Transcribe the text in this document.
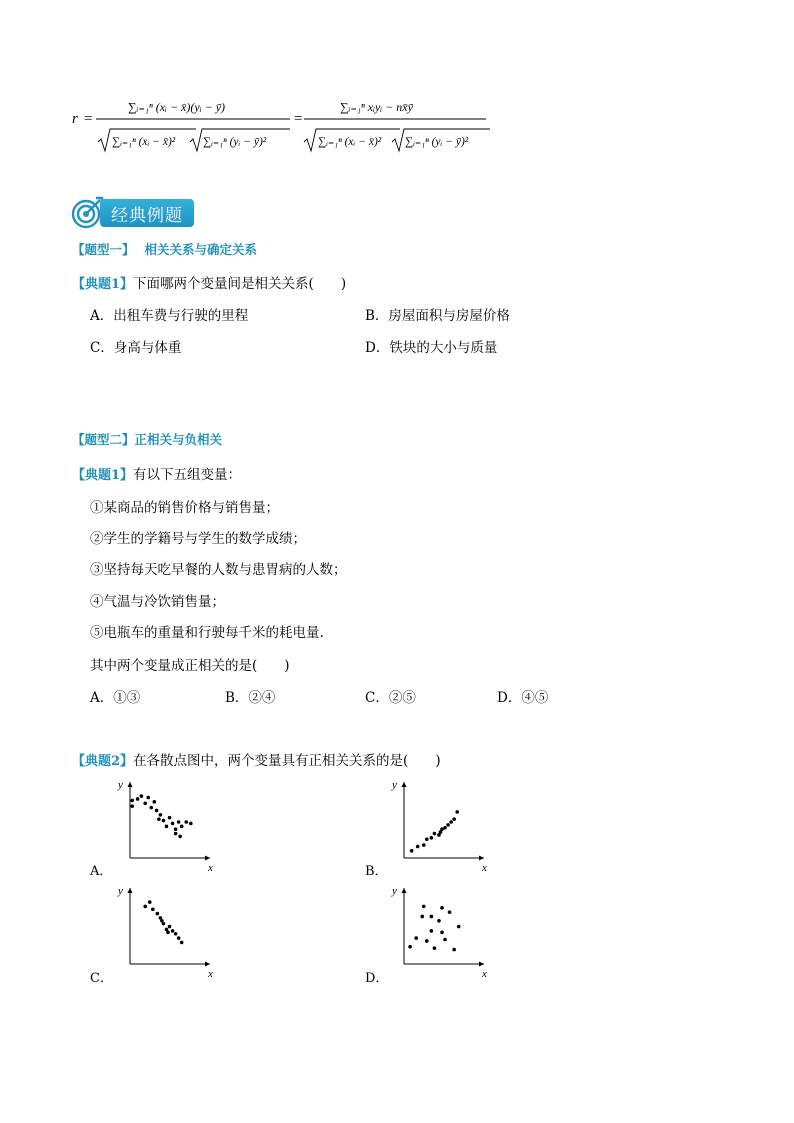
r =
∑ᵢ₌₁ⁿ (xᵢ − x̄)(yᵢ − ȳ)
∑ᵢ₌₁ⁿ (xᵢ − x̄)² ∑ᵢ₌₁ⁿ (yᵢ − ȳ)²
=
∑ᵢ₌₁ⁿ xᵢyᵢ − nx̄ȳ
∑ᵢ₌₁ⁿ (xᵢ − x̄)² ∑ᵢ₌₁ⁿ (yᵢ − ȳ)²
经典例题
【题型一】 相关关系与确定关系
【典题1】下面哪两个变量间是相关关系(　　)
A．出租车费与行驶的里程	B．房屋面积与房屋价格
C．身高与体重	D．铁块的大小与质量
【题型二】正相关与负相关
【典题1】有以下五组变量：
①某商品的销售价格与销售量；
②学生的学籍号与学生的数学成绩；
③坚持每天吃早餐的人数与患胃病的人数；
④气温与冷饮销售量；
⑤电瓶车的重量和行驶每千米的耗电量.
其中两个变量成正相关的是(　　)
A．①③	B．②④	C．②⑤	D．④⑤
【典题2】在各散点图中，两个变量具有正相关关系的是(　　)
x
y
A．	x
y
B．
x
y
C．	x
y
D．
